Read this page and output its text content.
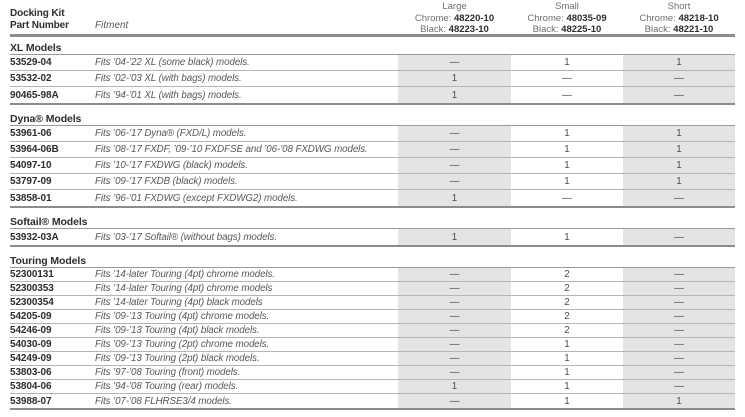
Docking Kit
Part Number	Fitment
Large
Chrome: 48220-10
Black: 48223-10
Small
Chrome: 48035-09
Black: 48225-10
Short
Chrome: 48218-10
Black: 48221-10
XL Models
53529-04	Fits ’04-’22 XL (some black) models.	—	1	1
53532-02	Fits ’02-’03 XL (with bags) models.	1	—	—
90465-98A	Fits ’94-’01 XL (with bags) models.	1	—	—
Dyna® Models
53961-06	Fits ’06-’17 Dyna® (FXD/L) models.	—	1	1
53964-06B	Fits ’08-’17 FXDF, ’09-’10 FXDFSE and ’06-’08 FXDWG models.	—	1	1
54097-10	Fits ’10-’17 FXDWG (black) models.	—	1	1
53797-09	Fits ’09-’17 FXDB (black) models.	—	1	1
53858-01	Fits ’96-’01 FXDWG (except FXDWG2) models.	1	—	—
Softail® Models
53932-03A	Fits ’03-’17 Softail® (without bags) models.	1	1	—
Touring Models
52300131	Fits ’14-later Touring (4pt) chrome models.	—	2	—
52300353	Fits ’14-later Touring (4pt) chrome models	—	2	—
52300354	Fits ’14-later Touring (4pt) black models	—	2	—
54205-09	Fits ’09-’13 Touring (4pt) chrome models.	—	2	—
54246-09	Fits ’09-’13 Touring (4pt) black models.	—	2	—
54030-09	Fits ’09-’13 Touring (2pt) chrome models.	—	1	—
54249-09	Fits ’09-’13 Touring (2pt) black models.	—	1	—
53803-06	Fits ’97-’08 Touring (front) models.	—	1	—
53804-06	Fits ’94-’08 Touring (rear) models.	1	1	—
53988-07	Fits ’07-’08 FLHRSE3/4 models.	—	1	1
